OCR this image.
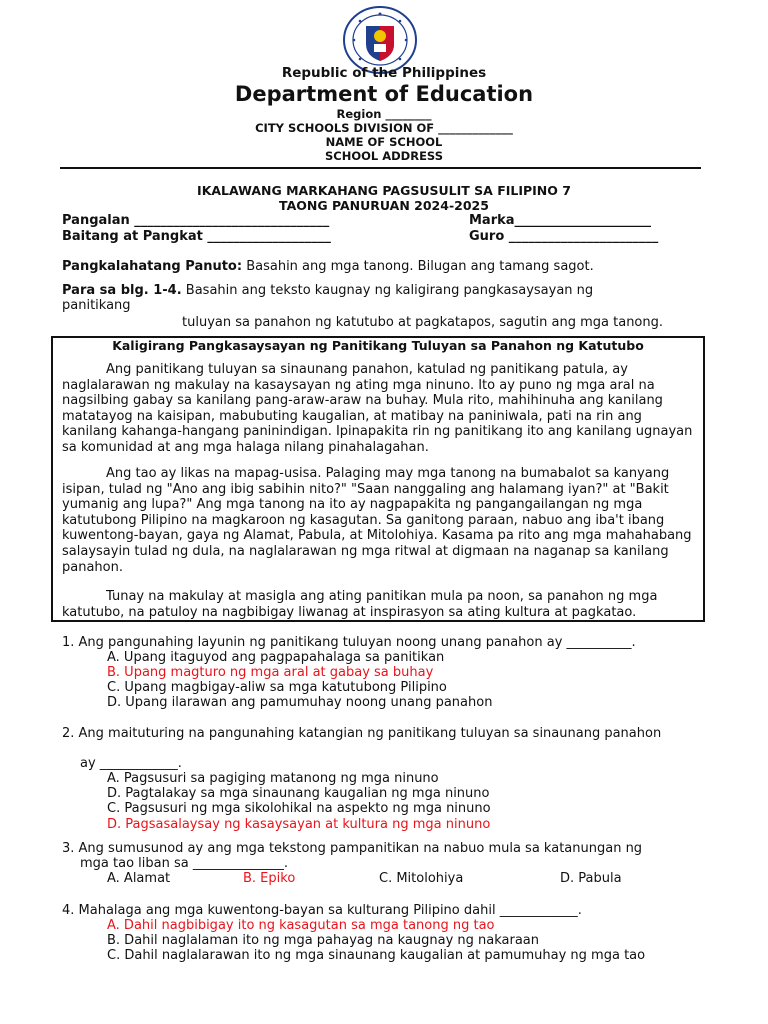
Republic of the Philippines
Department of Education
Region ________
CITY SCHOOLS DIVISION OF _____________
NAME OF SCHOOL
SCHOOL ADDRESS
IKALAWANG MARKAHANG PAGSUSULIT SA FILIPINO 7
TAONG PANURUAN 2024-2025
Pangalan ______________________________	Marka_____________________
Baitang at Pangkat ___________________	Guro _______________________
Pangkalahatang Panuto: Basahin ang mga tanong. Bilugan ang tamang sagot.
Para sa blg. 1-4. Basahin ang teksto kaugnay ng kaligirang pangkasaysayan ng
panitikang
tuluyan sa panahon ng katutubo at pagkatapos, sagutin ang mga tanong.
Kaligirang Pangkasaysayan ng Panitikang Tuluyan sa Panahon ng Katutubo
Ang panitikang tuluyan sa sinaunang panahon, katulad ng panitikang patula, ay naglalarawan ng makulay na kasaysayan ng ating mga ninuno. Ito ay puno ng mga aral na nagsilbing gabay sa kanilang pang-araw-araw na buhay. Mula rito, mahihinuha ang kanilang matatayog na kaisipan, mabubuting kaugalian, at matibay na paniniwala, pati na rin ang kanilang kahanga-hangang paninindigan. Ipinapakita rin ng panitikang ito ang kanilang ugnayan sa komunidad at ang mga halaga nilang pinahalagahan.
Ang tao ay likas na mapag-usisa. Palaging may mga tanong na bumabalot sa kanyang isipan, tulad ng "Ano ang ibig sabihin nito?" "Saan nanggaling ang halamang iyan?" at "Bakit yumanig ang lupa?" Ang mga tanong na ito ay nagpapakita ng pangangailangan ng mga katutubong Pilipino na magkaroon ng kasagutan. Sa ganitong paraan, nabuo ang iba't ibang kuwentong-bayan, gaya ng Alamat, Pabula, at Mitolohiya. Kasama pa rito ang mga mahahabang salaysayin tulad ng dula, na naglalarawan ng mga ritwal at digmaan na naganap sa kanilang panahon.
Tunay na makulay at masigla ang ating panitikan mula pa noon, sa panahon ng mga katutubo, na patuloy na nagbibigay liwanag at inspirasyon sa ating kultura at pagkatao.
1. Ang pangunahing layunin ng panitikang tuluyan noong unang panahon ay __________.
A. Upang itaguyod ang pagpapahalaga sa panitikan
B. Upang magturo ng mga aral at gabay sa buhay
C. Upang magbigay-aliw sa mga katutubong Pilipino
D. Upang ilarawan ang pamumuhay noong unang panahon
2. Ang maituturing na pangunahing katangian ng panitikang tuluyan sa sinaunang panahon
ay ____________.
A. Pagsusuri sa pagiging matanong ng mga ninuno
D. Pagtalakay sa mga sinaunang kaugalian ng mga ninuno
C. Pagsusuri ng mga sikolohikal na aspekto ng mga ninuno
D. Pagsasalaysay ng kasaysayan at kultura ng mga ninuno
3. Ang sumusunod ay ang mga tekstong pampanitikan na nabuo mula sa katanungan ng
mga tao liban sa ______________.
A. Alamat	B. Epiko	C. Mitolohiya	D. Pabula
4. Mahalaga ang mga kuwentong-bayan sa kulturang Pilipino dahil ____________.
A. Dahil nagbibigay ito ng kasagutan sa mga tanong ng tao
B. Dahil naglalaman ito ng mga pahayag na kaugnay ng nakaraan
C. Dahil naglalarawan ito ng mga sinaunang kaugalian at pamumuhay ng mga tao
